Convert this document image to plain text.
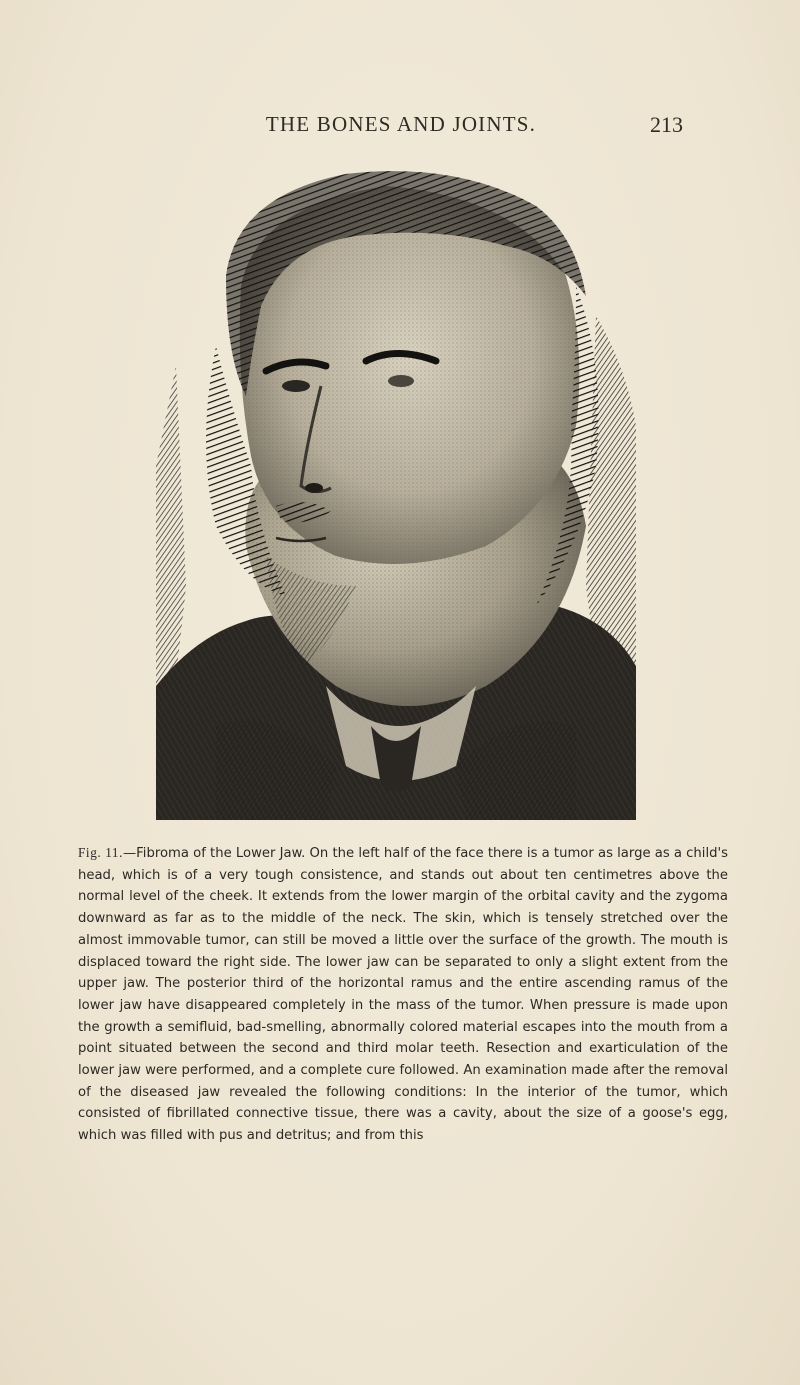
THE BONES AND JOINTS.	213
Fig. 11.—Fibroma of the Lower Jaw. On the left half of the face there is a tumor as large as a child's head, which is of a very tough consistence, and stands out about ten centimetres above the normal level of the cheek. It extends from the lower margin of the orbital cavity and the zygoma downward as far as to the middle of the neck. The skin, which is tensely stretched over the almost immovable tumor, can still be moved a little over the surface of the growth. The mouth is displaced toward the right side. The lower jaw can be separated to only a slight extent from the upper jaw. The posterior third of the horizontal ramus and the entire ascending ramus of the lower jaw have disappeared completely in the mass of the tumor. When pressure is made upon the growth a semifluid, bad-smelling, abnormally colored material escapes into the mouth from a point situated between the second and third molar teeth. Resection and exarticulation of the lower jaw were performed, and a complete cure followed. An examination made after the removal of the diseased jaw revealed the following conditions: In the interior of the tumor, which consisted of fibrillated connective tissue, there was a cavity, about the size of a goose's egg, which was filled with pus and detritus; and from this
